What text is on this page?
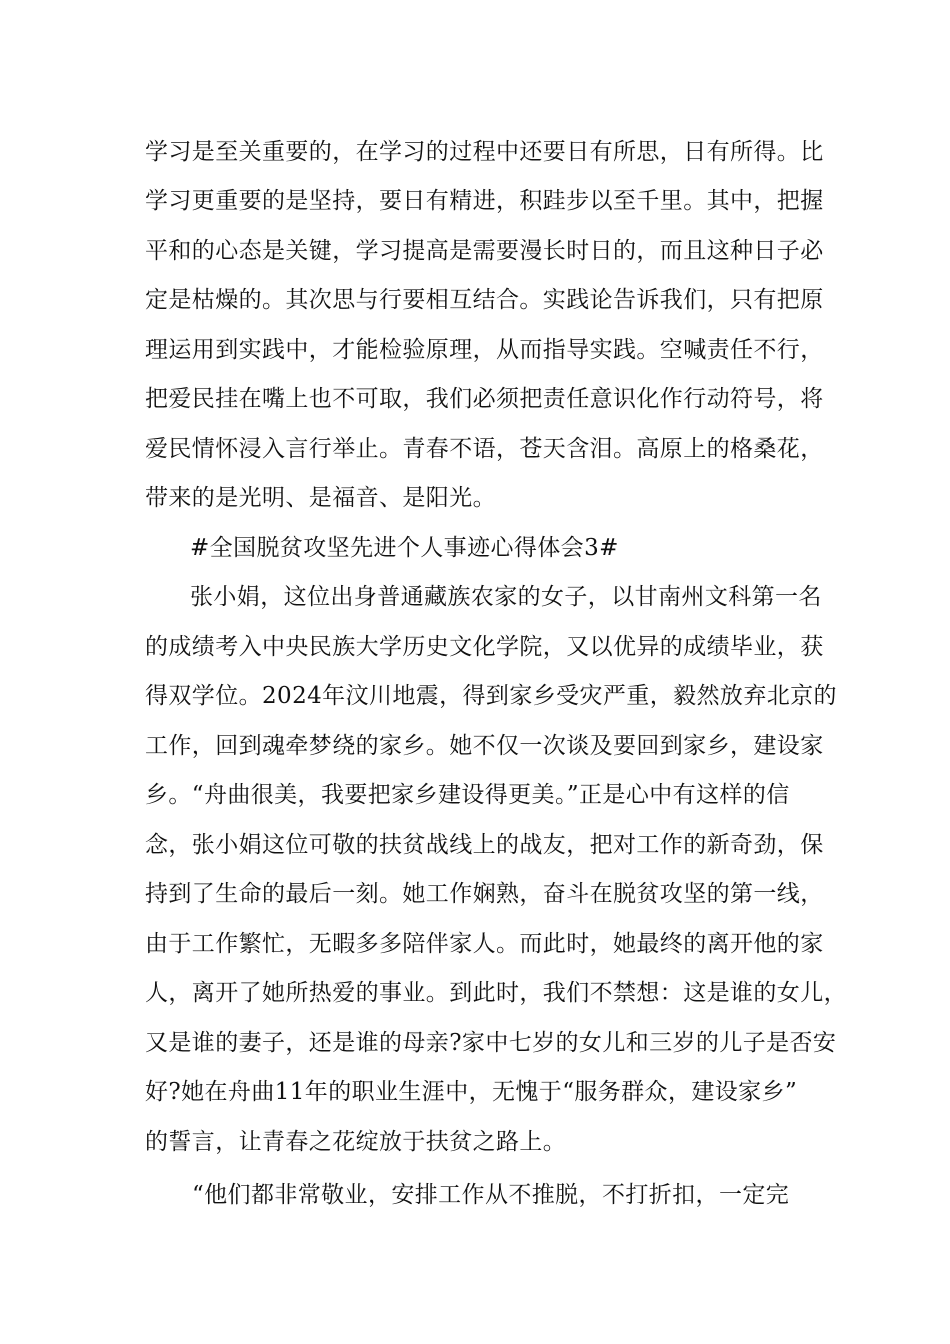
学习是至关重要的，在学习的过程中还要日有所思，日有所得。比
学习更重要的是坚持，要日有精进，积跬步以至千里。其中，把握
平和的心态是关键，学习提高是需要漫长时日的，而且这种日子必
定是枯燥的。其次思与行要相互结合。实践论告诉我们，只有把原
理运用到实践中，才能检验原理，从而指导实践。空喊责任不行，
把爱民挂在嘴上也不可取，我们必须把责任意识化作行动符号，将
爱民情怀浸入言行举止。青春不语，苍天含泪。高原上的格桑花，
带来的是光明、是福音、是阳光。
#全国脱贫攻坚先进个人事迹心得体会3#
张小娟，这位出身普通藏族农家的女子，以甘南州文科第一名
的成绩考入中央民族大学历史文化学院，又以优异的成绩毕业，获
得双学位。2024年汶川地震，得到家乡受灾严重，毅然放弃北京的
工作，回到魂牵梦绕的家乡。她不仅一次谈及要回到家乡，建设家
乡。“舟曲很美，我要把家乡建设得更美。”正是心中有这样的信
念，张小娟这位可敬的扶贫战线上的战友，把对工作的新奇劲，保
持到了生命的最后一刻。她工作娴熟，奋斗在脱贫攻坚的第一线，
由于工作繁忙，无暇多多陪伴家人。而此时，她最终的离开他的家
人，离开了她所热爱的事业。到此时，我们不禁想：这是谁的女儿，
又是谁的妻子，还是谁的母亲?家中七岁的女儿和三岁的儿子是否安
好?她在舟曲11年的职业生涯中，无愧于“服务群众，建设家乡”
的誓言，让青春之花绽放于扶贫之路上。
“他们都非常敬业，安排工作从不推脱，不打折扣，一定完
